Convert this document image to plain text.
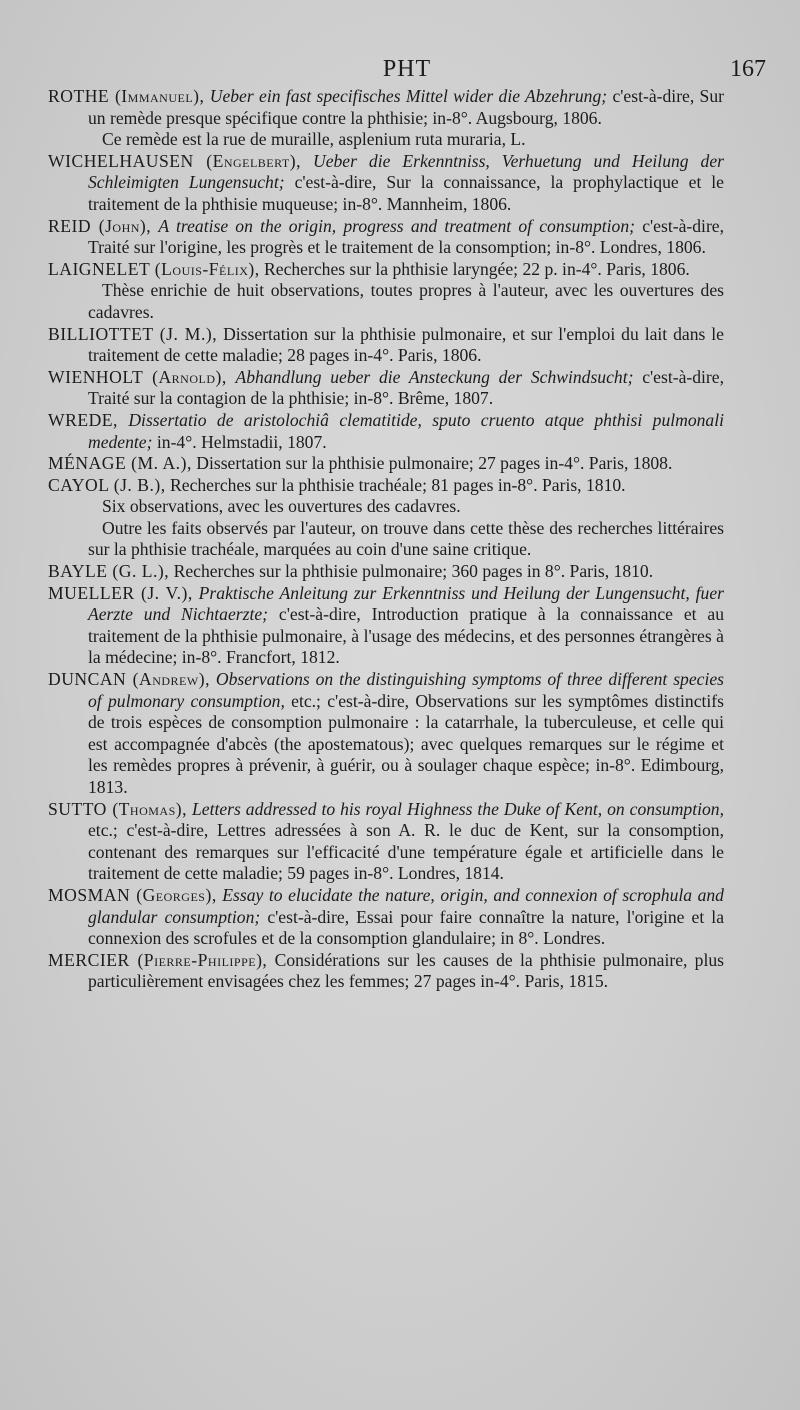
PHT	167

ROTHE (Immanuel), Ueber ein fast specifisches Mittel wider die Abzehrung; c'est-à-dire, Sur un remède presque spécifique contre la phthisie; in-8°. Augsbourg, 1806.

Ce remède est la rue de muraille, asplenium ruta muraria, L.

WICHELHAUSEN (Engelbert), Ueber die Erkenntniss, Verhuetung und Heilung der Schleimigten Lungensucht; c'est-à-dire, Sur la connaissance, la prophylactique et le traitement de la phthisie muqueuse; in-8°. Mannheim, 1806.

REID (John), A treatise on the origin, progress and treatment of consumption; c'est-à-dire, Traité sur l'origine, les progrès et le traitement de la consomption; in-8°. Londres, 1806.

LAIGNELET (Louis-Félix), Recherches sur la phthisie laryngée; 22 p. in-4°. Paris, 1806.

Thèse enrichie de huit observations, toutes propres à l'auteur, avec les ouvertures des cadavres.

BILLIOTTET (J. M.), Dissertation sur la phthisie pulmonaire, et sur l'emploi du lait dans le traitement de cette maladie; 28 pages in-4°. Paris, 1806.

WIENHOLT (Arnold), Abhandlung ueber die Ansteckung der Schwindsucht; c'est-à-dire, Traité sur la contagion de la phthisie; in-8°. Brême, 1807.

WREDE, Dissertatio de aristolochiâ clematitide, sputo cruento atque phthisi pulmonali medente; in-4°. Helmstadii, 1807.

MÉNAGE (M. A.), Dissertation sur la phthisie pulmonaire; 27 pages in-4°. Paris, 1808.

CAYOL (J. B.), Recherches sur la phthisie trachéale; 81 pages in-8°. Paris, 1810.

Six observations, avec les ouvertures des cadavres.

Outre les faits observés par l'auteur, on trouve dans cette thèse des recherches littéraires sur la phthisie trachéale, marquées au coin d'une saine critique.

BAYLE (G. L.), Recherches sur la phthisie pulmonaire; 360 pages in 8°. Paris, 1810.

MUELLER (J. V.), Praktische Anleitung zur Erkenntniss und Heilung der Lungensucht, fuer Aerzte und Nichtaerzte; c'est-à-dire, Introduction pratique à la connaissance et au traitement de la phthisie pulmonaire, à l'usage des médecins, et des personnes étrangères à la médecine; in-8°. Francfort, 1812.

DUNCAN (Andrew), Observations on the distinguishing symptoms of three different species of pulmonary consumption, etc.; c'est-à-dire, Observations sur les symptômes distinctifs de trois espèces de consomption pulmonaire : la catarrhale, la tuberculeuse, et celle qui est accompagnée d'abcès (the apostematous); avec quelques remarques sur le régime et les remèdes propres à prévenir, à guérir, ou à soulager chaque espèce; in-8°. Edimbourg, 1813.

SUTTO (Thomas), Letters addressed to his royal Highness the Duke of Kent, on consumption, etc.; c'est-à-dire, Lettres adressées à son A. R. le duc de Kent, sur la consomption, contenant des remarques sur l'efficacité d'une température égale et artificielle dans le traitement de cette maladie; 59 pages in-8°. Londres, 1814.

MOSMAN (Georges), Essay to elucidate the nature, origin, and connexion of scrophula and glandular consumption; c'est-à-dire, Essai pour faire connaître la nature, l'origine et la connexion des scrofules et de la consomption glandulaire; in 8°. Londres.

MERCIER (Pierre-Philippe), Considérations sur les causes de la phthisie pulmonaire, plus particulièrement envisagées chez les femmes; 27 pages in-4°. Paris, 1815.
